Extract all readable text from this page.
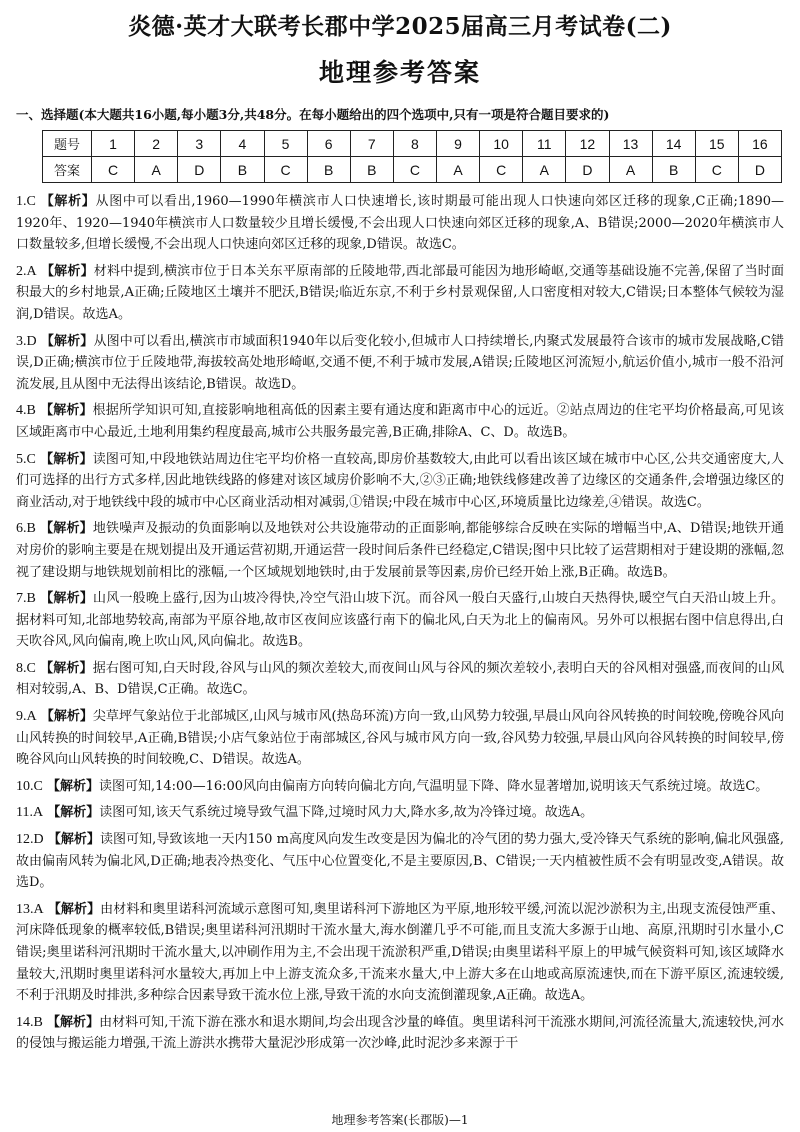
炎德·英才大联考长郡中学2025届高三月考试卷(二)
地理参考答案
一、选择题(本大题共16小题,每小题3分,共48分。在每小题给出的四个选项中,只有一项是符合题目要求的)
题号	1	2	3	4	5	6	7	8	9	10	11	12	13	14	15	16
答案	C	A	D	B	C	B	B	C	A	C	A	D	A	B	C	D
1.C 【解析】从图中可以看出,1960—1990年横滨市人口快速增长,该时期最可能出现人口快速向郊区迁移的现象,C正确;1890—1920年、1920—1940年横滨市人口数量较少且增长缓慢,不会出现人口快速向郊区迁移的现象,A、B错误;2000—2020年横滨市人口数量较多,但增长缓慢,不会出现人口快速向郊区迁移的现象,D错误。故选C。
2.A 【解析】材料中提到,横滨市位于日本关东平原南部的丘陵地带,西北部最可能因为地形崎岖,交通等基础设施不完善,保留了当时面积最大的乡村地景,A正确;丘陵地区土壤并不肥沃,B错误;临近东京,不利于乡村景观保留,人口密度相对较大,C错误;日本整体气候较为湿润,D错误。故选A。
3.D 【解析】从图中可以看出,横滨市市域面积1940年以后变化较小,但城市人口持续增长,内聚式发展最符合该市的城市发展战略,C错误,D正确;横滨市位于丘陵地带,海拔较高处地形崎岖,交通不便,不利于城市发展,A错误;丘陵地区河流短小,航运价值小,城市一般不沿河流发展,且从图中无法得出该结论,B错误。故选D。
4.B 【解析】根据所学知识可知,直接影响地租高低的因素主要有通达度和距离市中心的远近。②站点周边的住宅平均价格最高,可见该区域距离市中心最近,土地利用集约程度最高,城市公共服务最完善,B正确,排除A、C、D。故选B。
5.C 【解析】读图可知,中段地铁站周边住宅平均价格一直较高,即房价基数较大,由此可以看出该区域在城市中心区,公共交通密度大,人们可选择的出行方式多样,因此地铁线路的修建对该区域房价影响不大,②③正确;地铁线修建改善了边缘区的交通条件,会增强边缘区的商业活动,对于地铁线中段的城市中心区商业活动相对减弱,①错误;中段在城市中心区,环境质量比边缘差,④错误。故选C。
6.B 【解析】地铁噪声及振动的负面影响以及地铁对公共设施带动的正面影响,都能够综合反映在实际的增幅当中,A、D错误;地铁开通对房价的影响主要是在规划提出及开通运营初期,开通运营一段时间后条件已经稳定,C错误;图中只比较了运营期相对于建设期的涨幅,忽视了建设期与地铁规划前相比的涨幅,一个区域规划地铁时,由于发展前景等因素,房价已经开始上涨,B正确。故选B。
7.B 【解析】山风一般晚上盛行,因为山坡冷得快,冷空气沿山坡下沉。而谷风一般白天盛行,山坡白天热得快,暖空气白天沿山坡上升。据材料可知,北部地势较高,南部为平原谷地,故市区夜间应该盛行南下的偏北风,白天为北上的偏南风。另外可以根据右图中信息得出,白天吹谷风,风向偏南,晚上吹山风,风向偏北。故选B。
8.C 【解析】据右图可知,白天时段,谷风与山风的频次差较大,而夜间山风与谷风的频次差较小,表明白天的谷风相对强盛,而夜间的山风相对较弱,A、B、D错误,C正确。故选C。
9.A 【解析】尖草坪气象站位于北部城区,山风与城市风(热岛环流)方向一致,山风势力较强,早晨山风向谷风转换的时间较晚,傍晚谷风向山风转换的时间较早,A正确,B错误;小店气象站位于南部城区,谷风与城市风方向一致,谷风势力较强,早晨山风向谷风转换的时间较早,傍晚谷风向山风转换的时间较晚,C、D错误。故选A。
10.C 【解析】读图可知,14:00—16:00风向由偏南方向转向偏北方向,气温明显下降、降水显著增加,说明该天气系统过境。故选C。
11.A 【解析】读图可知,该天气系统过境导致气温下降,过境时风力大,降水多,故为冷锋过境。故选A。
12.D 【解析】读图可知,导致该地一天内150 m高度风向发生改变是因为偏北的冷气团的势力强大,受冷锋天气系统的影响,偏北风强盛,故由偏南风转为偏北风,D正确;地表冷热变化、气压中心位置变化,不是主要原因,B、C错误;一天内植被性质不会有明显改变,A错误。故选D。
13.A 【解析】由材料和奥里诺科河流域示意图可知,奥里诺科河下游地区为平原,地形较平缓,河流以泥沙淤积为主,出现支流侵蚀严重、河床降低现象的概率较低,B错误;奥里诺科河汛期时干流水量大,海水倒灌几乎不可能,而且支流大多源于山地、高原,汛期时引水量小,C错误;奥里诺科河汛期时干流水量大,以冲刷作用为主,不会出现干流淤积严重,D错误;由奥里诺科平原上的甲城气候资料可知,该区域降水量较大,汛期时奥里诺科河水量较大,再加上中上游支流众多,干流来水量大,中上游大多在山地或高原流速快,而在下游平原区,流速较缓,不利于汛期及时排洪,多种综合因素导致干流水位上涨,导致干流的水向支流倒灌现象,A正确。故选A。
14.B 【解析】由材料可知,干流下游在涨水和退水期间,均会出现含沙量的峰值。奥里诺科河干流涨水期间,河流径流量大,流速较快,河水的侵蚀与搬运能力增强,干流上游洪水携带大量泥沙形成第一次沙峰,此时泥沙多来源于干
地理参考答案(长郡版)—1
